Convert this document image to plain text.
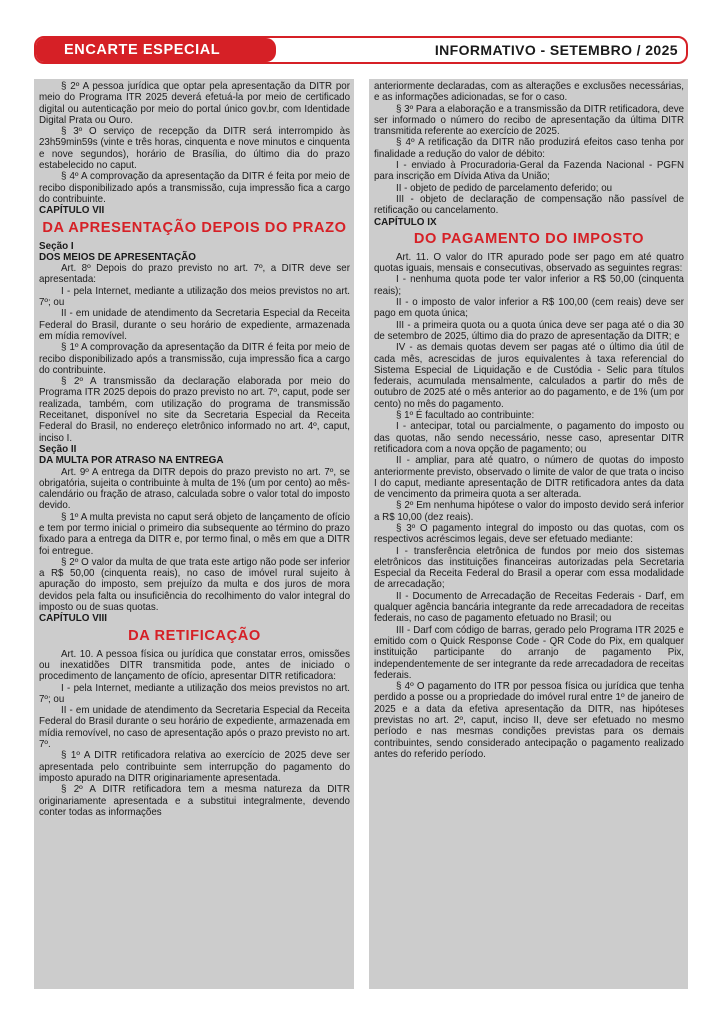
ENCARTE ESPECIAL	INFORMATIVO - SETEMBRO / 2025
§ 2º A pessoa jurídica que optar pela apresentação da DITR por meio do Programa ITR 2025 deverá efetuá-la por meio de certificado digital ou autenticação por meio do portal único gov.br, com Identidade Digital Prata ou Ouro.
§ 3º O serviço de recepção da DITR será interrompido às 23h59min59s (vinte e três horas, cinquenta e nove minutos e cinquenta e nove segundos), horário de Brasília, do último dia do prazo estabelecido no caput.
§ 4º A comprovação da apresentação da DITR é feita por meio de recibo disponibilizado após a transmissão, cuja impressão fica a cargo do contribuinte.
CAPÍTULO VII
DA APRESENTAÇÃO DEPOIS DO PRAZO
Seção I
DOS MEIOS DE APRESENTAÇÃO
Art. 8º Depois do prazo previsto no art. 7º, a DITR deve ser apresentada:
I - pela Internet, mediante a utilização dos meios previstos no art. 7º; ou
II - em unidade de atendimento da Secretaria Especial da Receita Federal do Brasil, durante o seu horário de expediente, armazenada em mídia removível.
§ 1º A comprovação da apresentação da DITR é feita por meio de recibo disponibilizado após a transmissão, cuja impressão fica a cargo do contribuinte.
§ 2º A transmissão da declaração elaborada por meio do Programa ITR 2025 depois do prazo previsto no art. 7º, caput, pode ser realizada, também, com utilização do programa de transmissão Receitanet, disponível no site da Secretaria Especial da Receita Federal do Brasil, no endereço eletrônico informado no art. 4º, caput, inciso I.
Seção II
DA MULTA POR ATRASO NA ENTREGA
Art. 9º A entrega da DITR depois do prazo previsto no art. 7º, se obrigatória, sujeita o contribuinte à multa de 1% (um por cento) ao mês-calendário ou fração de atraso, calculada sobre o valor total do imposto devido.
§ 1º A multa prevista no caput será objeto de lançamento de ofício e tem por termo inicial o primeiro dia subsequente ao término do prazo fixado para a entrega da DITR e, por termo final, o mês em que a DITR foi entregue.
§ 2º O valor da multa de que trata este artigo não pode ser inferior a R$ 50,00 (cinquenta reais), no caso de imóvel rural sujeito à apuração do imposto, sem prejuízo da multa e dos juros de mora devidos pela falta ou insuficiência do recolhimento do valor integral do imposto ou de suas quotas.
CAPÍTULO VIII
DA RETIFICAÇÃO
Art. 10. A pessoa física ou jurídica que constatar erros, omissões ou inexatidões DITR transmitida pode, antes de iniciado o procedimento de lançamento de ofício, apresentar DITR retificadora:
I - pela Internet, mediante a utilização dos meios previstos no art. 7º; ou
II - em unidade de atendimento da Secretaria Especial da Receita Federal do Brasil durante o seu horário de expediente, armazenada em mídia removível, no caso de apresentação após o prazo previsto no art. 7º.
§ 1º A DITR retificadora relativa ao exercício de 2025 deve ser apresentada pelo contribuinte sem interrupção do pagamento do imposto apurado na DITR originariamente apresentada.
§ 2º A DITR retificadora tem a mesma natureza da DITR originariamente apresentada e a substitui integralmente, devendo conter todas as informações
anteriormente declaradas, com as alterações e exclusões necessárias, e as informações adicionadas, se for o caso.
§ 3º Para a elaboração e a transmissão da DITR retificadora, deve ser informado o número do recibo de apresentação da última DITR transmitida referente ao exercício de 2025.
§ 4º A retificação da DITR não produzirá efeitos caso tenha por finalidade a redução do valor de débito:
I - enviado à Procuradoria-Geral da Fazenda Nacional - PGFN para inscrição em Dívida Ativa da União;
II - objeto de pedido de parcelamento deferido; ou
III - objeto de declaração de compensação não passível de retificação ou cancelamento.
CAPÍTULO IX
DO PAGAMENTO DO IMPOSTO
Art. 11. O valor do ITR apurado pode ser pago em até quatro quotas iguais, mensais e consecutivas, observado as seguintes regras:
I - nenhuma quota pode ter valor inferior a R$ 50,00 (cinquenta reais);
II - o imposto de valor inferior a R$ 100,00 (cem reais) deve ser pago em quota única;
III - a primeira quota ou a quota única deve ser paga até o dia 30 de setembro de 2025, último dia do prazo de apresentação da DITR; e
IV - as demais quotas devem ser pagas até o último dia útil de cada mês, acrescidas de juros equivalentes à taxa referencial do Sistema Especial de Liquidação e de Custódia - Selic para títulos federais, acumulada mensalmente, calculados a partir do mês de outubro de 2025 até o mês anterior ao do pagamento, e de 1% (um por cento) no mês do pagamento.
§ 1º É facultado ao contribuinte:
I - antecipar, total ou parcialmente, o pagamento do imposto ou das quotas, não sendo necessário, nesse caso, apresentar DITR retificadora com a nova opção de pagamento; ou
II - ampliar, para até quatro, o número de quotas do imposto anteriormente previsto, observado o limite de valor de que trata o inciso I do caput, mediante apresentação de DITR retificadora antes da data de vencimento da primeira quota a ser alterada.
§ 2º Em nenhuma hipótese o valor do imposto devido será inferior a R$ 10,00 (dez reais).
§ 3º O pagamento integral do imposto ou das quotas, com os respectivos acréscimos legais, deve ser efetuado mediante:
I - transferência eletrônica de fundos por meio dos sistemas eletrônicos das instituições financeiras autorizadas pela Secretaria Especial da Receita Federal do Brasil a operar com essa modalidade de arrecadação;
II - Documento de Arrecadação de Receitas Federais - Darf, em qualquer agência bancária integrante da rede arrecadadora de receitas federais, no caso de pagamento efetuado no Brasil; ou
III - Darf com código de barras, gerado pelo Programa ITR 2025 e emitido com o Quick Response Code - QR Code do Pix, em qualquer instituição participante do arranjo de pagamento Pix, independentemente de ser integrante da rede arrecadadora de receitas federais.
§ 4º O pagamento do ITR por pessoa física ou jurídica que tenha perdido a posse ou a propriedade do imóvel rural entre 1º de janeiro de 2025 e a data da efetiva apresentação da DITR, nas hipóteses previstas no art. 2º, caput, inciso II, deve ser efetuado no mesmo período e nas mesmas condições previstas para os demais contribuintes, sendo considerado antecipação o pagamento realizado antes do referido período.
